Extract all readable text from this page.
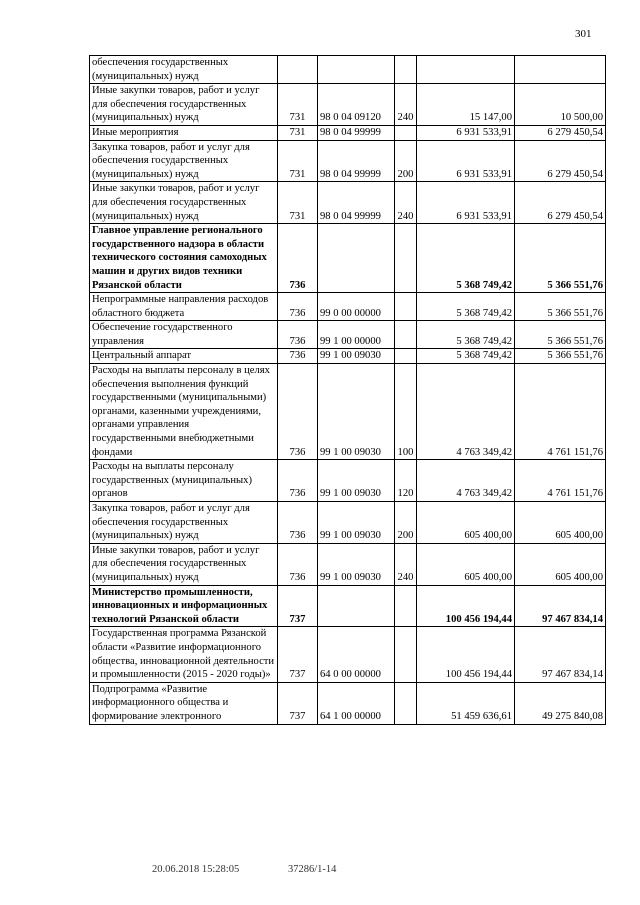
301
обеспечения государственных (муниципальных) нужд					
Иные закупки товаров, работ и услуг для обеспечения государственных (муниципальных) нужд	731	98 0 04 09120	240	15 147,00	10 500,00
Иные мероприятия	731	98 0 04 99999		6 931 533,91	6 279 450,54
Закупка товаров, работ и услуг для обеспечения государственных (муниципальных) нужд	731	98 0 04 99999	200	6 931 533,91	6 279 450,54
Иные закупки товаров, работ и услуг для обеспечения государственных (муниципальных) нужд	731	98 0 04 99999	240	6 931 533,91	6 279 450,54
Главное управление регионального государственного надзора в области технического состояния самоходных машин и других видов техники Рязанской области	736			5 368 749,42	5 366 551,76
Непрограммные направления расходов областного бюджета	736	99 0 00 00000		5 368 749,42	5 366 551,76
Обеспечение государственного управления	736	99 1 00 00000		5 368 749,42	5 366 551,76
Центральный аппарат	736	99 1 00 09030		5 368 749,42	5 366 551,76
Расходы на выплаты персоналу в целях обеспечения выполнения функций государственными (муниципальными) органами, казенными учреждениями, органами управления государственными внебюджетными фондами	736	99 1 00 09030	100	4 763 349,42	4 761 151,76
Расходы на выплаты персоналу государственных (муниципальных) органов	736	99 1 00 09030	120	4 763 349,42	4 761 151,76
Закупка товаров, работ и услуг для обеспечения государственных (муниципальных) нужд	736	99 1 00 09030	200	605 400,00	605 400,00
Иные закупки товаров, работ и услуг для обеспечения государственных (муниципальных) нужд	736	99 1 00 09030	240	605 400,00	605 400,00
Министерство промышленности, инновационных и информационных технологий Рязанской области	737			100 456 194,44	97 467 834,14
Государственная программа Рязанской области «Развитие информационного общества, инновационной деятельности и промышленности (2015 - 2020 годы)»	737	64 0 00 00000		100 456 194,44	97 467 834,14
Подпрограмма «Развитие информационного общества и формирование электронного	737	64 1 00 00000		51 459 636,61	49 275 840,08
20.06.2018 15:28:05	37286/1-14
